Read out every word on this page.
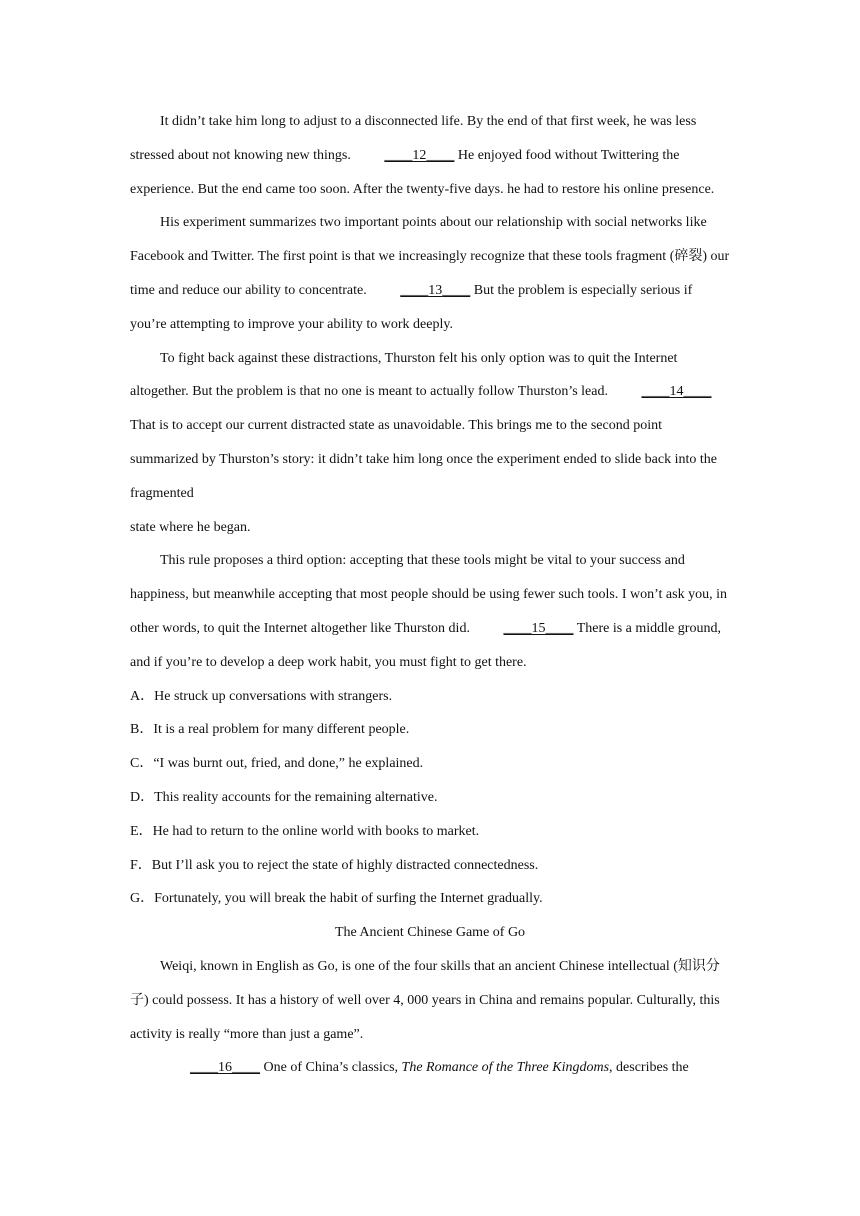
It didn’t take him long to adjust to a disconnected life. By the end of that first week, he was less stressed about not knowing new things. ____12____ He enjoyed food without Twittering the experience. But the end came too soon. After the twenty-five days. he had to restore his online presence.

His experiment summarizes two important points about our relationship with social networks like Facebook and Twitter. The first point is that we increasingly recognize that these tools fragment (碎裂) our time and reduce our ability to concentrate. ____13____ But the problem is especially serious if you’re attempting to improve your ability to work deeply.

To fight back against these distractions, Thurston felt his only option was to quit the Internet altogether. But the problem is that no one is meant to actually follow Thurston’s lead. ____14____ That is to accept our current distracted state as unavoidable. This brings me to the second point summarized by Thurston’s story: it didn’t take him long once the experiment ended to slide back into the fragmented

state where he began.

This rule proposes a third option: accepting that these tools might be vital to your success and happiness, but meanwhile accepting that most people should be using fewer such tools. I won’t ask you, in other words, to quit the Internet altogether like Thurston did. ____15____ There is a middle ground, and if you’re to develop a deep work habit, you must fight to get there.

A．He struck up conversations with strangers.

B．It is a real problem for many different people.

C．“I was burnt out, fried, and done,” he explained.

D．This reality accounts for the remaining alternative.

E．He had to return to the online world with books to market.

F．But I’ll ask you to reject the state of highly distracted connectedness.

G．Fortunately, you will break the habit of surfing the Internet gradually.

The Ancient Chinese Game of Go

Weiqi, known in English as Go, is one of the four skills that an ancient Chinese intellectual (知识分子) could possess. It has a history of well over 4, 000 years in China and remains popular. Culturally, this activity is really “more than just a game”.

____16____ One of China’s classics, The Romance of the Three Kingdoms, describes the
